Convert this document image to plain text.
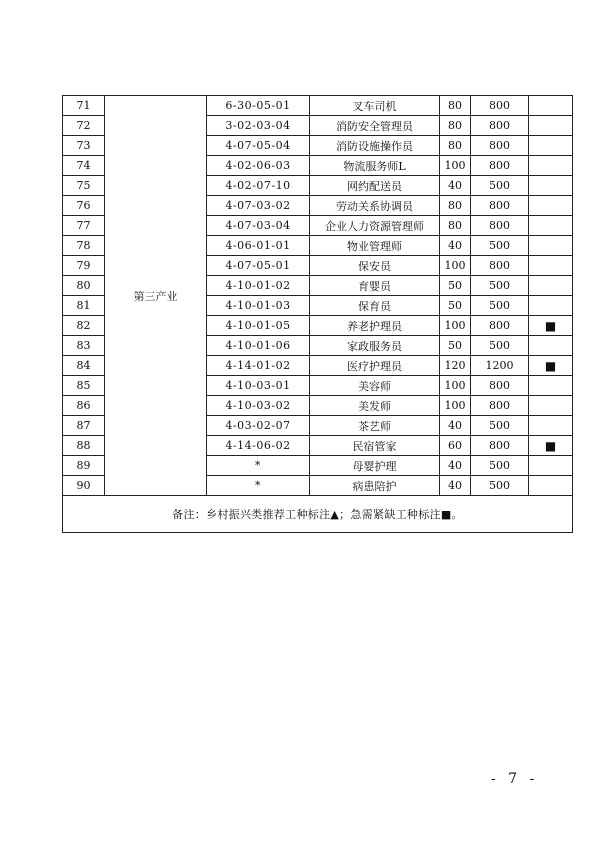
71	第三产业	6-30-05-01	叉车司机	80	800	
72		3-02-03-04	消防安全管理员	80	800	
73		4-07-05-04	消防设施操作员	80	800	
74		4-02-06-03	物流服务师L	100	800	
75		4-02-07-10	网约配送员	40	500	
76		4-07-03-02	劳动关系协调员	80	800	
77		4-07-03-04	企业人力资源管理师	80	800	
78		4-06-01-01	物业管理师	40	500	
79		4-07-05-01	保安员	100	800	
80		4-10-01-02	育婴员	50	500	
81		4-10-01-03	保育员	50	500	
82		4-10-01-05	养老护理员	100	800	■
83		4-10-01-06	家政服务员	50	500	
84		4-14-01-02	医疗护理员	120	1200	■
85		4-10-03-01	美容师	100	800	
86		4-10-03-02	美发师	100	800	
87		4-03-02-07	茶艺师	40	500	
88		4-14-06-02	民宿管家	60	800	■
89		*	母婴护理	40	500	
90		*	病患陪护	40	500	
备注：乡村振兴类推荐工种标注▲；急需紧缺工种标注■。						
- 7 -
